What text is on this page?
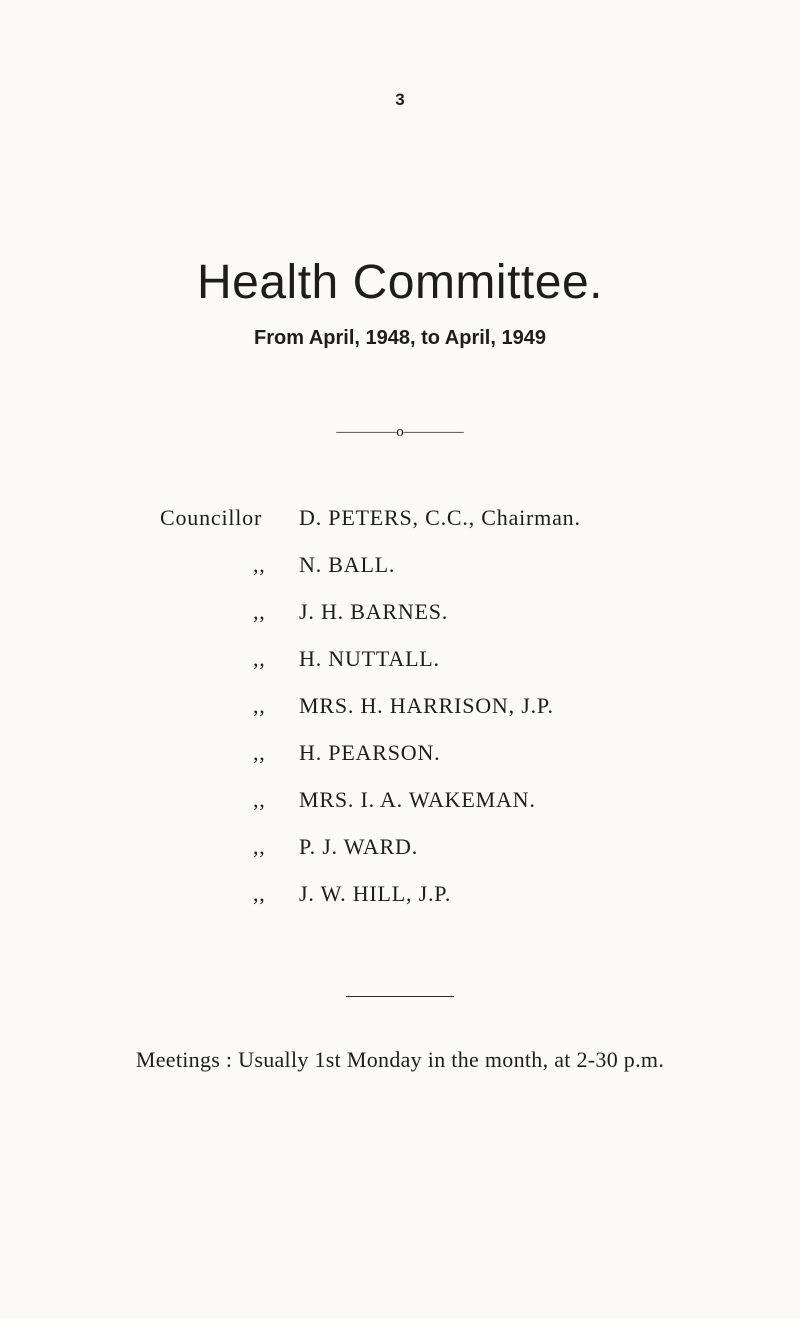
3
Health Committee.
From April, 1948, to April, 1949
————o————
Councillor	D. PETERS, C.C., Chairman.
,,	N. BALL.
,,	J. H. BARNES.
,,	H. NUTTALL.
,,	MRS. H. HARRISON, J.P.
,,	H. PEARSON.
,,	MRS. I. A. WAKEMAN.
,,	P. J. WARD.
,,	J. W. HILL, J.P.
Meetings : Usually 1st Monday in the month, at 2-30 p.m.
